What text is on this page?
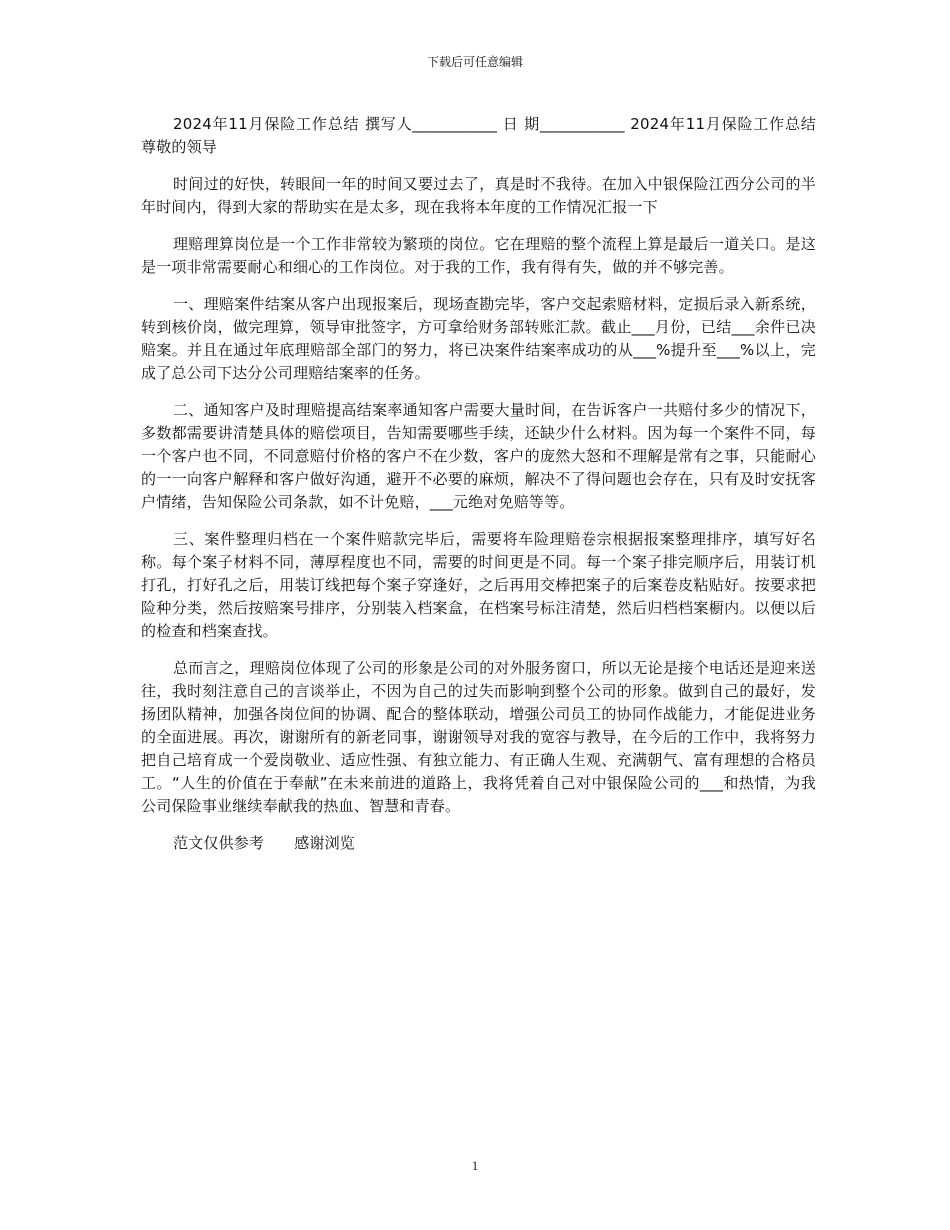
下载后可任意编辑

2024年11月保险工作总结 撰写人___________ 日 期___________ 2024年11月保险工作总结 尊敬的领导

时间过的好快，转眼间一年的时间又要过去了，真是时不我待。在加入中银保险江西分公司的半年时间内，得到大家的帮助实在是太多，现在我将本年度的工作情况汇报一下

理赔理算岗位是一个工作非常较为繁琐的岗位。它在理赔的整个流程上算是最后一道关口。是这是一项非常需要耐心和细心的工作岗位。对于我的工作，我有得有失，做的并不够完善。

一、理赔案件结案从客户出现报案后，现场查勘完毕，客户交起索赔材料，定损后录入新系统，转到核价岗，做完理算，领导审批签字，方可拿给财务部转账汇款。截止___月份，已结___余件已决赔案。并且在通过年底理赔部全部门的努力，将已决案件结案率成功的从___%提升至___%以上，完成了总公司下达分公司理赔结案率的任务。

二、通知客户及时理赔提高结案率通知客户需要大量时间，在告诉客户一共赔付多少的情况下，多数都需要讲清楚具体的赔偿项目，告知需要哪些手续，还缺少什么材料。因为每一个案件不同，每一个客户也不同，不同意赔付价格的客户不在少数，客户的庞然大怒和不理解是常有之事，只能耐心的一一向客户解释和客户做好沟通，避开不必要的麻烦，解决不了得问题也会存在，只有及时安抚客户情绪，告知保险公司条款，如不计免赔，___元绝对免赔等等。

三、案件整理归档在一个案件赔款完毕后，需要将车险理赔卷宗根据报案整理排序，填写好名称。每个案子材料不同，薄厚程度也不同，需要的时间更是不同。每一个案子排完顺序后，用装订机打孔，打好孔之后，用装订线把每个案子穿逢好，之后再用交棒把案子的后案卷皮粘贴好。按要求把险种分类，然后按赔案号排序，分别装入档案盒，在档案号标注清楚，然后归档档案橱内。以便以后的检查和档案查找。

总而言之，理赔岗位体现了公司的形象是公司的对外服务窗口，所以无论是接个电话还是迎来送往，我时刻注意自己的言谈举止，不因为自己的过失而影响到整个公司的形象。做到自己的最好，发扬团队精神，加强各岗位间的协调、配合的整体联动，增强公司员工的协同作战能力，才能促进业务的全面进展。再次，谢谢所有的新老同事，谢谢领导对我的宽容与教导，在今后的工作中，我将努力把自己培育成一个爱岗敬业、适应性强、有独立能力、有正确人生观、充满朝气、富有理想的合格员工。“人生的价值在于奉献”在未来前进的道路上，我将凭着自己对中银保险公司的___和热情，为我公司保险事业继续奉献我的热血、智慧和青春。

范文仅供参考 感谢浏览

1
